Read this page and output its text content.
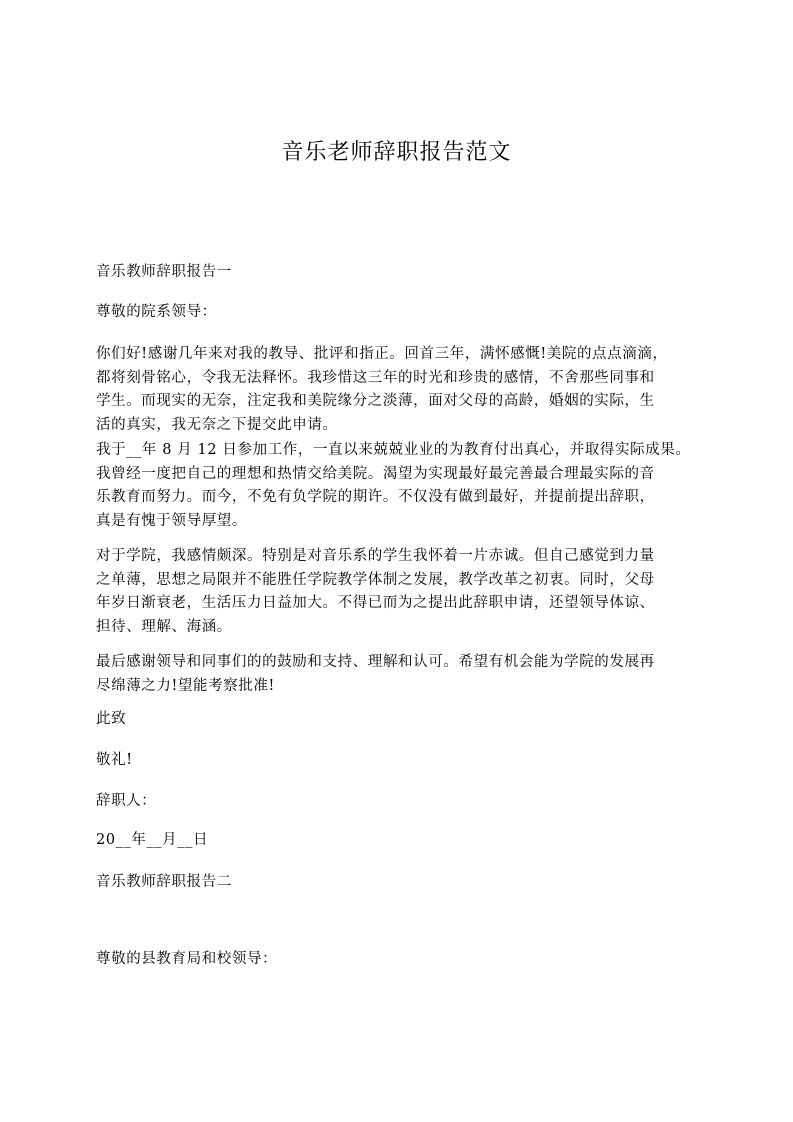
音乐老师辞职报告范文
音乐教师辞职报告一
尊敬的院系领导：
你们好!感谢几年来对我的教导、批评和指正。回首三年，满怀感慨!美院的点点滴滴，
都将刻骨铭心，令我无法释怀。我珍惜这三年的时光和珍贵的感情，不舍那些同事和
学生。而现实的无奈，注定我和美院缘分之淡薄，面对父母的高龄，婚姻的实际，生
活的真实，我无奈之下提交此申请。
我于__年 8 月 12 日参加工作，一直以来兢兢业业的为教育付出真心，并取得实际成果。
我曾经一度把自己的理想和热情交给美院。渴望为实现最好最完善最合理最实际的音
乐教育而努力。而今，不免有负学院的期许。不仅没有做到最好，并提前提出辞职，
真是有愧于领导厚望。
对于学院，我感情颇深。特别是对音乐系的学生我怀着一片赤诚。但自己感觉到力量
之单薄，思想之局限并不能胜任学院教学体制之发展，教学改革之初衷。同时，父母
年岁日渐衰老，生活压力日益加大。不得已而为之提出此辞职申请，还望领导体谅、
担待、理解、海涵。
最后感谢领导和同事们的的鼓励和支持、理解和认可。希望有机会能为学院的发展再
尽绵薄之力!望能考察批准!
此致
敬礼!
辞职人：
20__年__月__日
音乐教师辞职报告二
尊敬的县教育局和校领导：
